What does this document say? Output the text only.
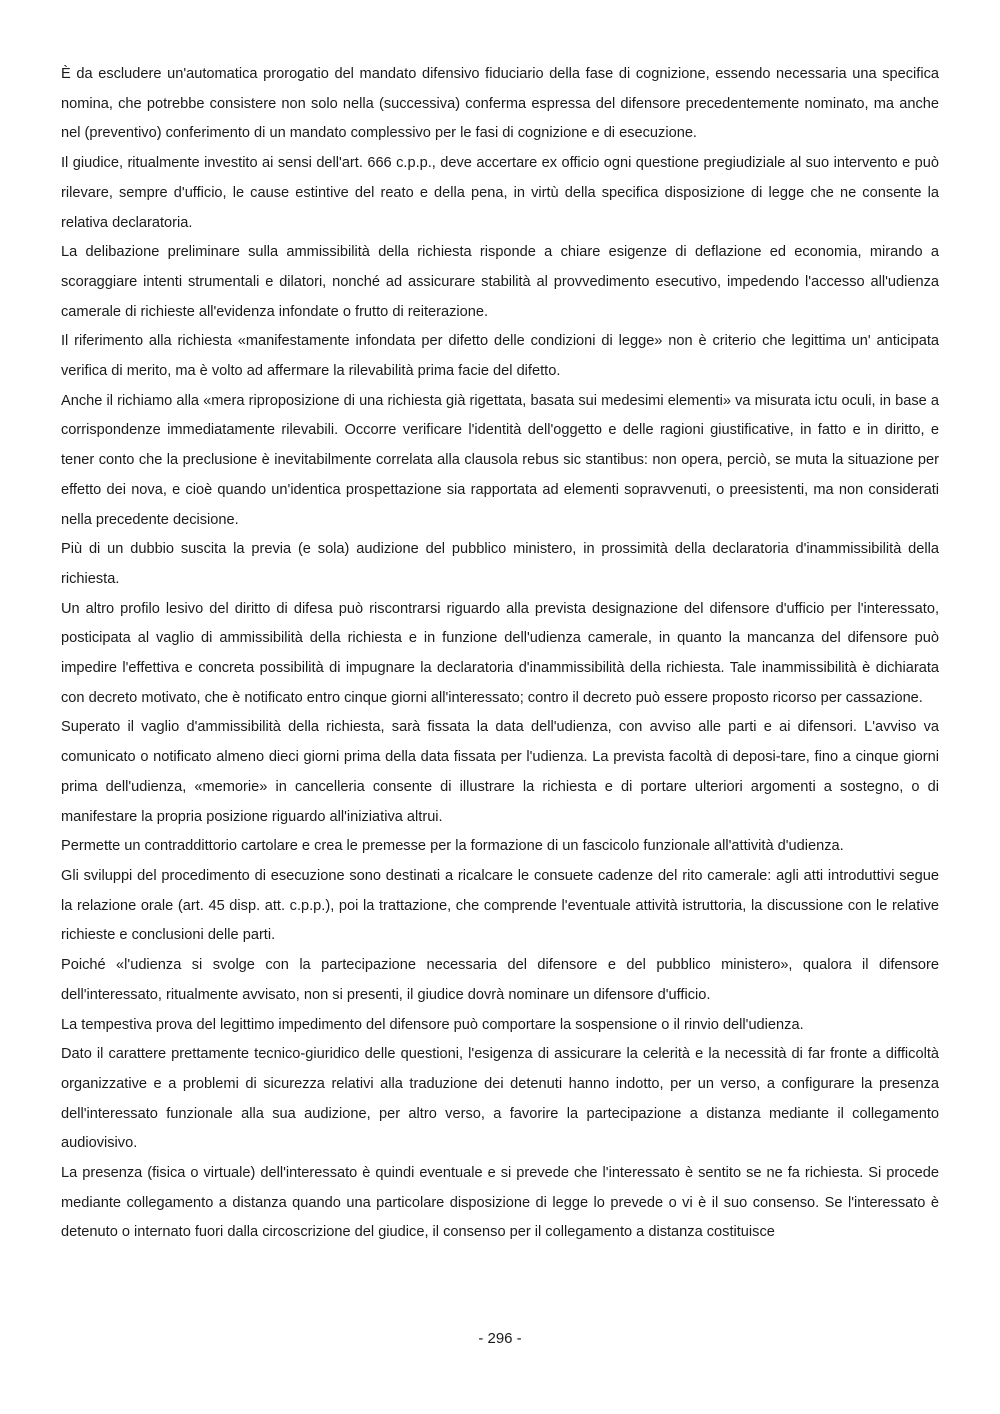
È da escludere un'automatica prorogatio del mandato difensivo fiduciario della fase di cognizione, essendo necessaria una specifica nomina, che potrebbe consistere non solo nella (successiva) conferma espressa del difensore precedentemente nominato, ma anche nel (preventivo) conferimento di un mandato complessivo per le fasi di cognizione e di esecuzione.

Il giudice, ritualmente investito ai sensi dell'art. 666 c.p.p., deve accertare ex officio ogni questione pregiudiziale al suo intervento e può rilevare, sempre d'ufficio, le cause estintive del reato e della pena, in virtù della specifica disposizione di legge che ne consente la relativa declaratoria.

La delibazione preliminare sulla ammissibilità della richiesta risponde a chiare esigenze di deflazione ed economia, mirando a scoraggiare intenti strumentali e dilatori, nonché ad assicurare stabilità al provvedimento esecutivo, impedendo l'accesso all'udienza camerale di richieste all'evidenza infondate o frutto di reiterazione.

Il riferimento alla richiesta «manifestamente infondata per difetto delle condizioni di legge» non è criterio che legittima un' anticipata verifica di merito, ma è volto ad affermare la rilevabilità prima facie del difetto.

Anche il richiamo alla «mera riproposizione di una richiesta già rigettata, basata sui medesimi elementi» va misurata ictu oculi, in base a corrispondenze immediatamente rilevabili. Occorre verificare l'identità dell'oggetto e delle ragioni giustificative, in fatto e in diritto, e tener conto che la preclusione è inevitabilmente correlata alla clausola rebus sic stantibus: non opera, perciò, se muta la situazione per effetto dei nova, e cioè quando un'identica prospettazione sia rapportata ad elementi sopravvenuti, o preesistenti, ma non considerati nella precedente decisione.

Più di un dubbio suscita la previa (e sola) audizione del pubblico ministero, in prossimità della declaratoria d'inammissibilità della richiesta.

Un altro profilo lesivo del diritto di difesa può riscontrarsi riguardo alla prevista designazione del difensore d'ufficio per l'interessato, posticipata al vaglio di ammissibilità della richiesta e in funzione dell'udienza camerale, in quanto la mancanza del difensore può impedire l'effettiva e concreta possibilità di impugnare la declaratoria d'inammissibilità della richiesta. Tale inammissibilità è dichiarata con decreto motivato, che è notificato entro cinque giorni all'interessato; contro il decreto può essere proposto ricorso per cassazione.

Superato il vaglio d'ammissibilità della richiesta, sarà fissata la data dell'udienza, con avviso alle parti e ai difensori. L'avviso va comunicato o notificato almeno dieci giorni prima della data fissata per l'udienza. La prevista facoltà di deposi-tare, fino a cinque giorni prima dell'udienza, «memorie» in cancelleria consente di illustrare la richiesta e di portare ulteriori argomenti a sostegno, o di manifestare la propria posizione riguardo all'iniziativa altrui.

Permette un contraddittorio cartolare e crea le premesse per la formazione di un fascicolo funzionale all'attività d'udienza.

Gli sviluppi del procedimento di esecuzione sono destinati a ricalcare le consuete cadenze del rito camerale: agli atti introduttivi segue la relazione orale (art. 45 disp. att. c.p.p.), poi la trattazione, che comprende l'eventuale attività istruttoria, la discussione con le relative richieste e conclusioni delle parti.

Poiché «l'udienza si svolge con la partecipazione necessaria del difensore e del pubblico ministero», qualora il difensore dell'interessato, ritualmente avvisato, non si presenti, il giudice dovrà nominare un difensore d'ufficio.

La tempestiva prova del legittimo impedimento del difensore può comportare la sospensione o il rinvio dell'udienza.

Dato il carattere prettamente tecnico-giuridico delle questioni, l'esigenza di assicurare la celerità e la necessità di far fronte a difficoltà organizzative e a problemi di sicurezza relativi alla traduzione dei detenuti hanno indotto, per un verso, a configurare la presenza dell'interessato funzionale alla sua audizione, per altro verso, a favorire la partecipazione a distanza mediante il collegamento audiovisivo.

La presenza (fisica o virtuale) dell'interessato è quindi eventuale e si prevede che l'interessato è sentito se ne fa richiesta. Si procede mediante collegamento a distanza quando una particolare disposizione di legge lo prevede o vi è il suo consenso. Se l'interessato è detenuto o internato fuori dalla circoscrizione del giudice, il consenso per il collegamento a distanza costituisce

- 296 -
